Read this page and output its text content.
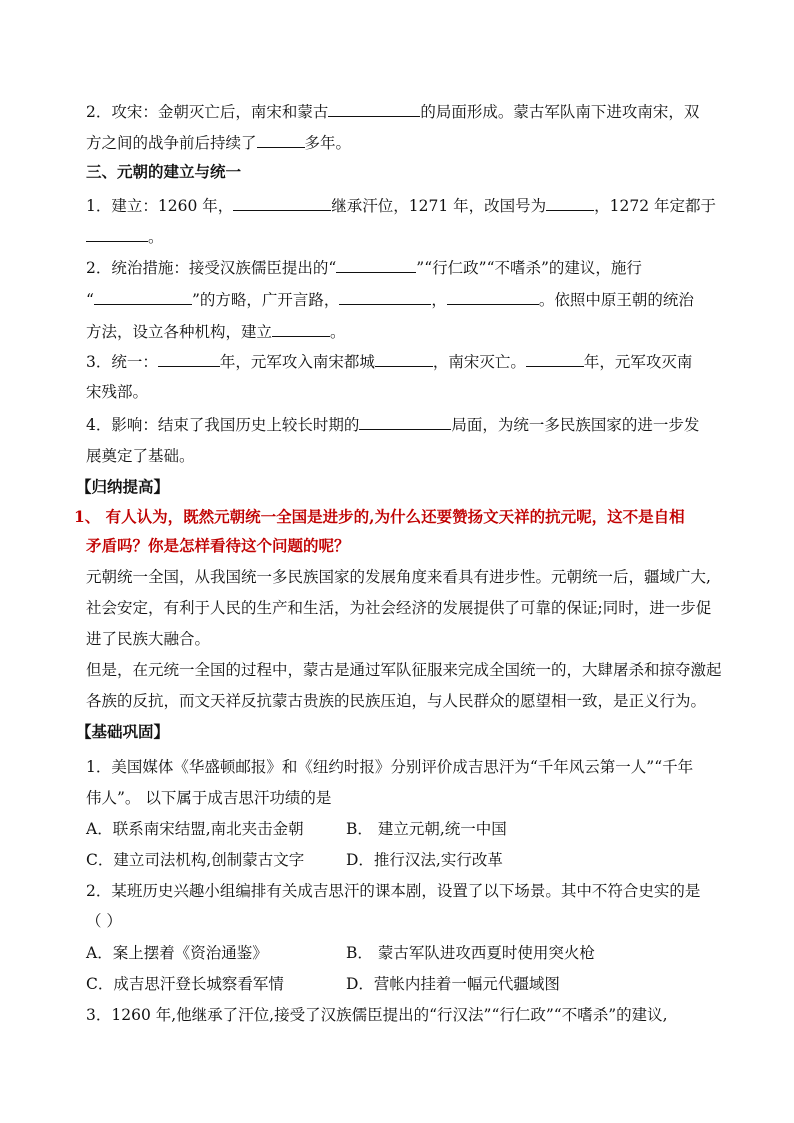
2．攻宋：金朝灭亡后，南宋和蒙古	的局面形成。蒙古军队南下进攻南宋，双
方之间的战争前后持续了	多年。
三、元朝的建立与统一
1．建立：1260 年，	继承汗位，1271 年，改国号为	，1272 年定都于
。
2．统治措施：接受汉族儒臣提出的“	”“行仁政”“不嗜杀”的建议，施行
“	”的方略，广开言路，	，	。依照中原王朝的统治
方法，设立各种机构，建立	。
3．统一：	年，元军攻入南宋都城	，南宋灭亡。	年，元军攻灭南
宋残部。
4．影响：结束了我国历史上较长时期的	局面，为统一多民族国家的进一步发
展奠定了基础。
【归纳提高】
1、 有人认为，既然元朝统一全国是进步的,为什么还要赞扬文天祥的抗元呢，这不是自相
矛盾吗？你是怎样看待这个问题的呢？
元朝统一全国，从我国统一多民族国家的发展角度来看具有进步性。元朝统一后，疆域广大,
社会安定，有利于人民的生产和生活，为社会经济的发展提供了可靠的保证;同时，进一步促
进了民族大融合。
但是，在元统一全国的过程中，蒙古是通过军队征服来完成全国统一的，大肆屠杀和掠夺激起
各族的反抗，而文天祥反抗蒙古贵族的民族压迫，与人民群众的愿望相一致，是正义行为。
【基础巩固】
1．美国媒体《华盛顿邮报》和《纽约时报》分别评价成吉思汗为“千年风云第一人”“千年
伟人”。 以下属于成吉思汗功绩的是
A．联系南宋结盟,南北夹击金朝	B． 建立元朝,统一中国
C．建立司法机构,创制蒙古文字	D．推行汉法,实行改革
2．某班历史兴趣小组编排有关成吉思汗的课本剧，设置了以下场景。其中不符合史实的是
（ ）
A．案上摆着《资治通鉴》	B． 蒙古军队进攻西夏时使用突火枪
C．成吉思汗登长城察看军情	D．营帐内挂着一幅元代疆域图
3．1260 年,他继承了汗位,接受了汉族儒臣提出的“行汉法”“行仁政”“不嗜杀”的建议,
